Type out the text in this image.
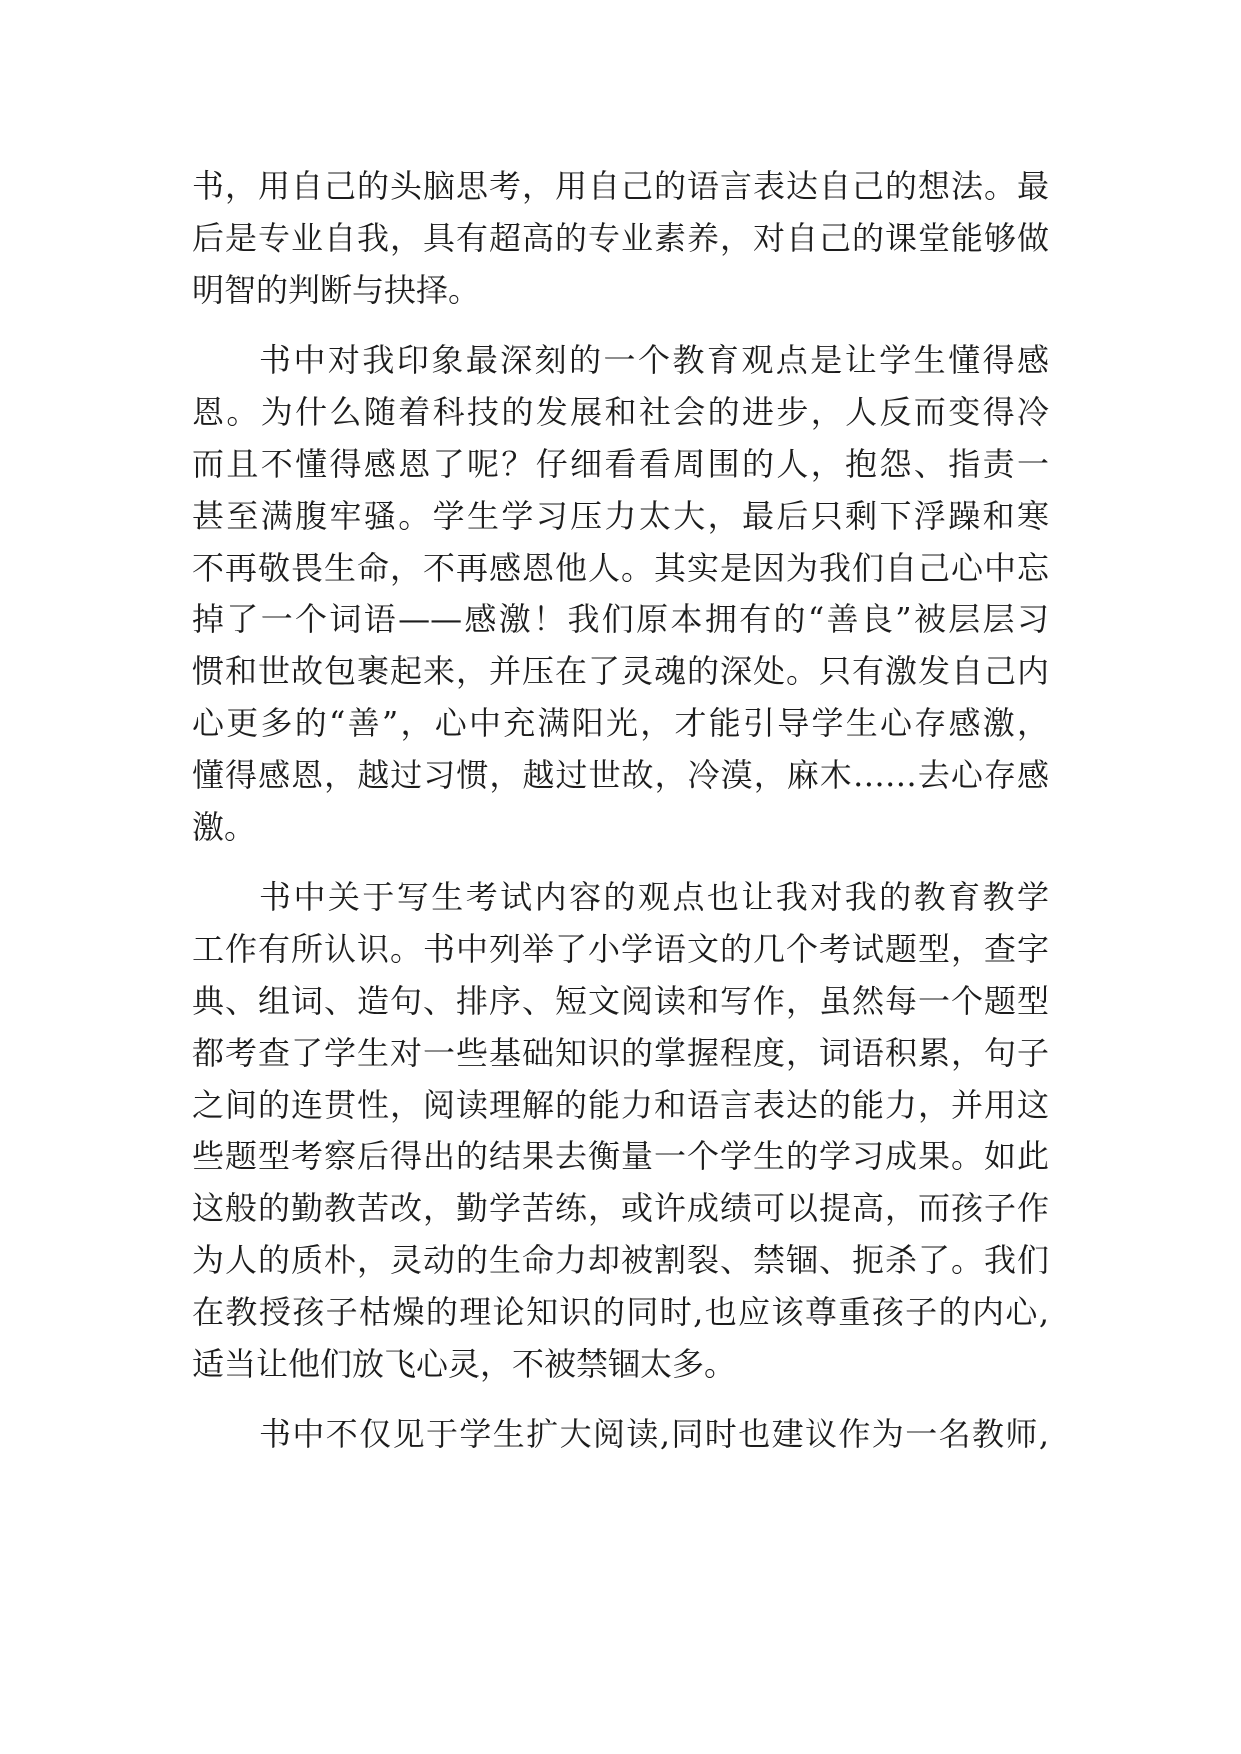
书，用自己的头脑思考，用自己的语言表达自己的想法。最
后是专业自我，具有超高的专业素养，对自己的课堂能够做
明智的判断与抉择。
书中对我印象最深刻的一个教育观点是让学生懂得感
恩。为什么随着科技的发展和社会的进步，人反而变得冷
而且不懂得感恩了呢？仔细看看周围的人，抱怨、指责一
甚至满腹牢骚。学生学习压力太大，最后只剩下浮躁和寒
不再敬畏生命，不再感恩他人。其实是因为我们自己心中忘
掉了一个词语——感激！我们原本拥有的“善良”被层层习
惯和世故包裹起来，并压在了灵魂的深处。只有激发自己内
心更多的“善”，心中充满阳光，才能引导学生心存感激，
懂得感恩，越过习惯，越过世故，冷漠，麻木……去心存感
激。
书中关于写生考试内容的观点也让我对我的教育教学
工作有所认识。书中列举了小学语文的几个考试题型，查字
典、组词、造句、排序、短文阅读和写作，虽然每一个题型
都考查了学生对一些基础知识的掌握程度，词语积累，句子
之间的连贯性，阅读理解的能力和语言表达的能力，并用这
些题型考察后得出的结果去衡量一个学生的学习成果。如此
这般的勤教苦改，勤学苦练，或许成绩可以提高，而孩子作
为人的质朴，灵动的生命力却被割裂、禁锢、扼杀了。我们
在教授孩子枯燥的理论知识的同时,也应该尊重孩子的内心,
适当让他们放飞心灵，不被禁锢太多。
书中不仅见于学生扩大阅读,同时也建议作为一名教师,
